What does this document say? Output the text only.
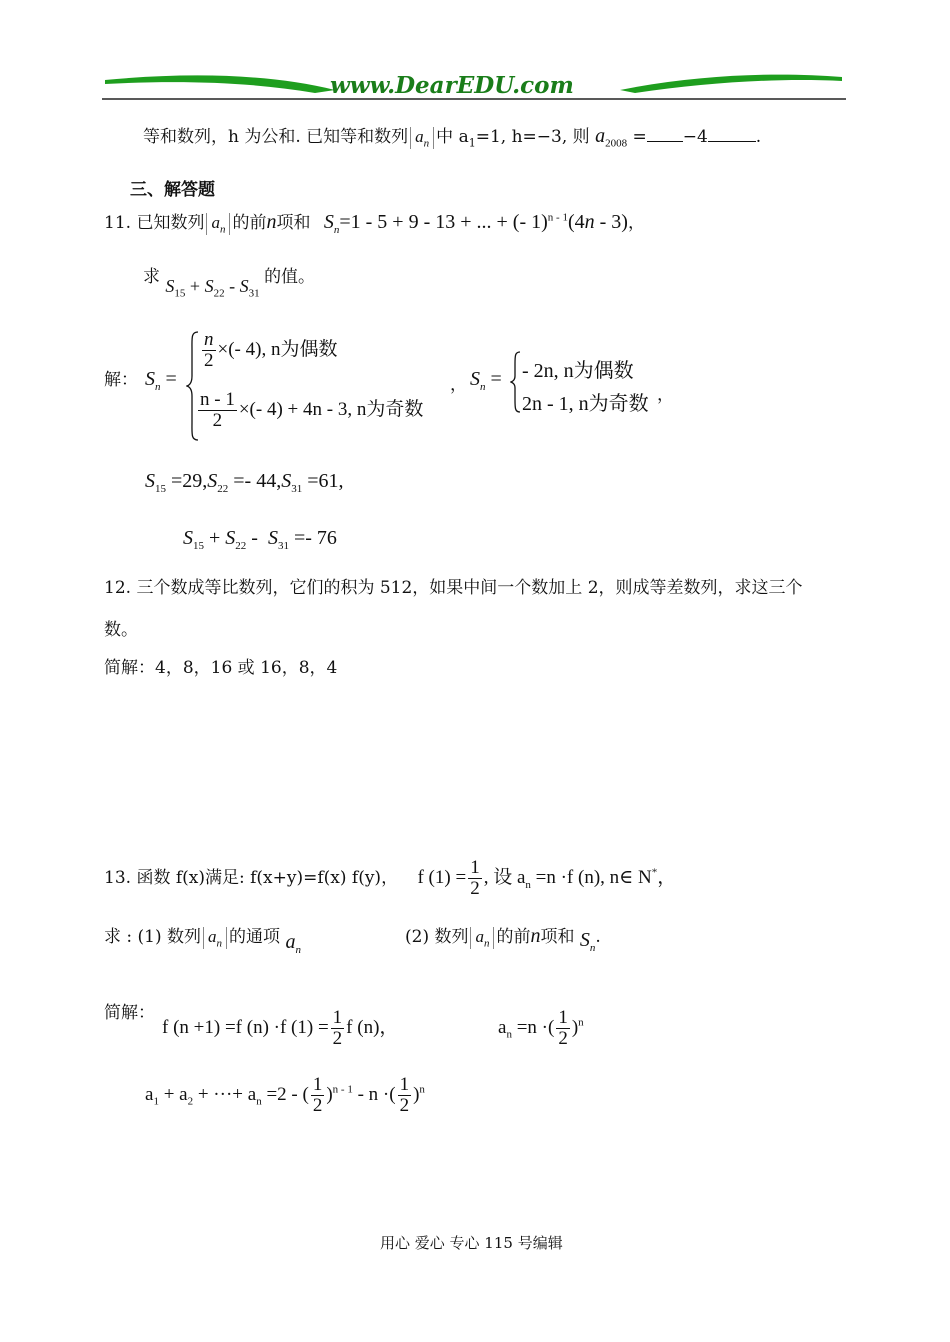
www.DearEDU.com
等和数列，h 为公和. 已知等和数列 $a_n$ 中 $a_1=1$, h=−3, 则 $a_{2008} = -4$	.
三、解答题
11. 已知数列 $a_n$ 的前n项和 $S_n=1 - 5 + 9 - 13$ + ... + (- 1)$^{n - 1}$(4n - 3)，
求 $S_{15} + S_{22} - S_{31}$ 的值。
解： $S_n$ =
$\frac{n}{2}$ ×(- 4), n为偶数
$\frac{n - 1}{2}$ ×(- 4) + 4n - 3, n为奇数
， $S_n$ = - 2n, n为偶数
2n - 1, n为奇数 ，
$S_{15} =29,S_{22} =- 44,S_{31} =61$,
$S_{15} + S_{22} - S_{31} =- 76$
12. 三个数成等比数列，它们的积为 512，如果中间一个数加上 2，则成等差数列，求这三个
数。
简解：4，8，16 或 16，8，4
13. 函数 f(x)满足: f(x+y)=f(x) f(y)， f $(1) = \frac{1}{2}$ , 设 $a_n =n \cdot f$ (n), n∈ N*，
求 : (1) 数列 $a_n$ 的通项 $a_n$
(2) 数列 $a_n$ 的前n项和 $S_n$.
简解：
f (n +1) =f (n) ·f $(1) = \frac{1}{2}$ f (n)，	$a_n =n$ ·( $\frac{1}{2} )^n$
$a_1 + a_2$ + ···+ $a_n =2$ - ( $\frac{1}{2} )^{n - 1}$ - n ·( $\frac{1}{2} )^n$
用心 爱心 专心 115 号编辑
